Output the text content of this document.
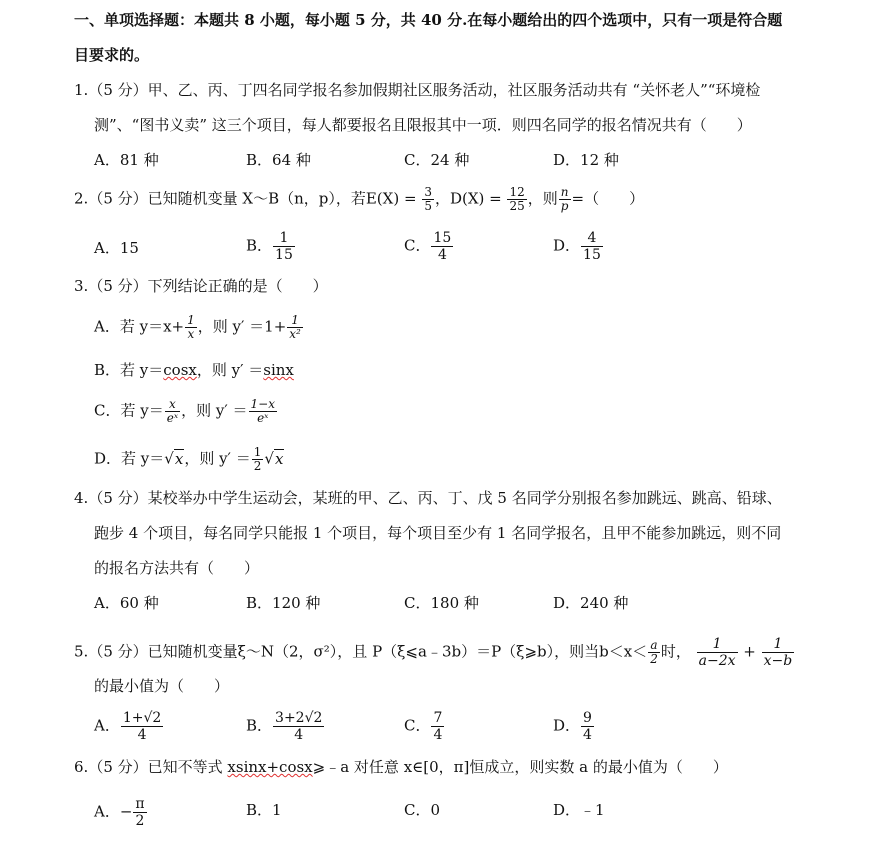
一、单项选择题：本题共 8 小题，每小题 5 分，共 40 分.在每小题给出的四个选项中，只有一项是符合题
目要求的。
1.（5 分）甲、乙、丙、丁四名同学报名参加假期社区服务活动，社区服务活动共有 “关怀老人”“环境检
测”、“图书义卖” 这三个项目，每人都要报名且限报其中一项．则四名同学的报名情况共有（　　）
A．81 种	B．64 种	C．24 种	D．12 种
2.（5 分）已知随机变量 X～B（n，p），若$E(X) = \frac{3}{5}$ ，$D(X) = \frac{12}{25}$ ，则 $\frac{n}{p}$ =（　　）
A．15	B． $\frac{1}{15}$	C． $\frac{15}{4}$	D． $\frac{4}{15}$
3.（5 分）下列结论正确的是（　　）
A．若 $y=x+ \frac{1}{x}$ ，则 $y' =1+ \frac{1}{\text{x²}}$
B．若 y＝cosx，则 y′ ＝sinx
C．若 $y= \frac{x}{\text{eˣ}}$ ，则 $y' = \frac{1-x}{\text{eˣ}}$
D．若 y＝√x，则 $y' = \frac{1}{2} √x$
4.（5 分）某校举办中学生运动会，某班的甲、乙、丙、丁、戊 5 名同学分别报名参加跳远、跳高、铅球、
跑步 4 个项目，每名同学只能报 1 个项目，每个项目至少有 1 名同学报名，且甲不能参加跳远，则不同
的报名方法共有（　　）
A．60 种	B．120 种	C．180 种	D．240 种
5.（5 分）已知随机变量ξ～N（2，σ²），且 P（ξ⩽a﹣3b）＝P（ξ⩾b），则当$b<x< \frac{a}{2}$ 时， $\frac{1}{a-2x} + \frac{1}{x-b}$
的最小值为（　　）
A． $\frac{1+√2}{4}$	B． $\frac{3+2√2}{4}$	C． $\frac{7}{4}$	D． $\frac{9}{4}$
6.（5 分）已知不等式 xsinx+cosx⩾﹣a 对任意 x∈[0，π]恒成立，则实数 a 的最小值为（　　）
A．− $\frac{\pi}{2}$	B．1	C．0	D．﹣1
